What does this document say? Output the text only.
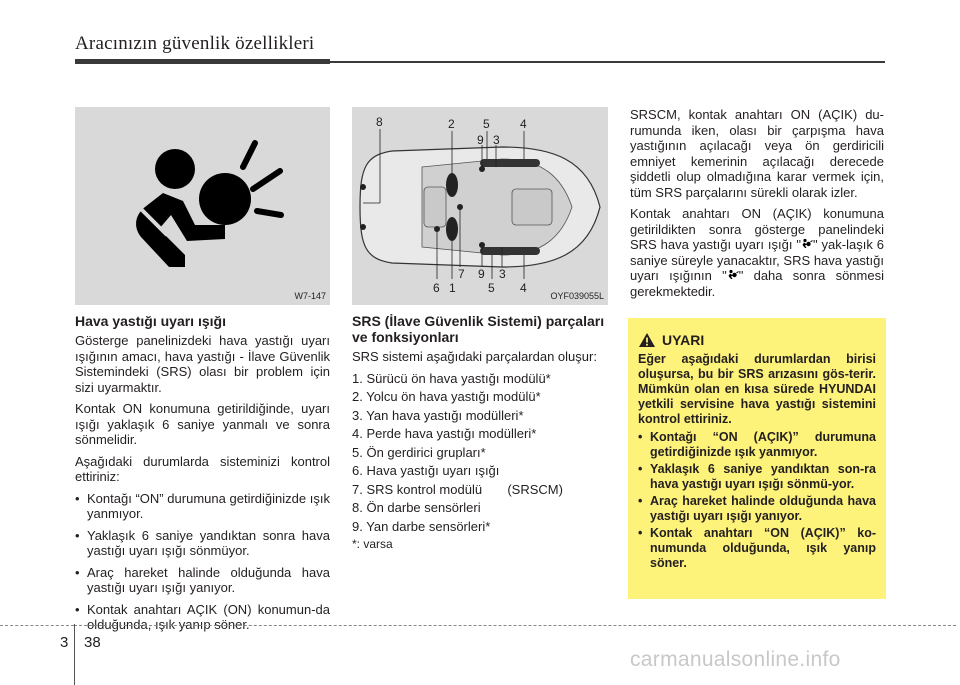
Aracınızın güvenlik özellikleri
W7-147
8	2 5	4
9 3
7 9 3
6 1	5 4
OYF039055L
Hava yastığı uyarı ışığı

Gösterge panelinizdeki hava yastığı uyarı ışığının amacı, hava yastığı - İlave Güvenlik Sistemindeki (SRS) olası bir problem için sizi uyarmaktır.

Kontak ON konumuna getirildiğinde, uyarı ışığı yaklaşık 6 saniye yanmalı ve sonra sönmelidir.

Aşağıdaki durumlarda sisteminizi kontrol ettiriniz:

• Kontağı “ON” durumuna getirdiğinizde ışık yanmıyor.
• Yaklaşık 6 saniye yandıktan sonra hava yastığı uyarı ışığı sönmüyor.
• Araç hareket halinde olduğunda hava yastığı uyarı ışığı yanıyor.
• Kontak anahtarı AÇIK (ON) konumun-da olduğunda, ışık yanıp söner.
SRS (İlave Güvenlik Sistemi) parçaları ve fonksiyonları

SRS sistemi aşağıdaki parçalardan oluşur:

1. Sürücü ön hava yastığı modülü*
2. Yolcu ön hava yastığı modülü*
3. Yan hava yastığı modülleri*
4. Perde hava yastığı modülleri*
5. Ön gerdirici grupları*
6. Hava yastığı uyarı ışığı
7. SRS kontrol modülü       (SRSCM)
8. Ön darbe sensörleri
9. Yan darbe sensörleri*
*: varsa

SRSCM, kontak anahtarı ON (AÇIK) du-rumunda iken, olası bir çarpışma hava yastığının açılacağı veya ön gerdiricili emniyet kemerinin açılacağı derecede şiddetli olup olmadığına karar vermek için, tüm SRS parçalarını sürekli olarak izler.

Kontak anahtarı ON (AÇIK) konumuna getirildikten sonra gösterge panelindeki SRS hava yastığı uyarı ışığı " " yak-laşık 6 saniye süreyle yanacaktır, SRS hava yastığı uyarı ışığının " " daha sonra sönmesi gerekmektedir.

UYARI

Eğer aşağıdaki durumlardan birisi oluşursa, bu bir SRS arızasını gös-terir. Mümkün olan en kısa sürede HYUNDAI yetkili servisine hava yastığı sistemini kontrol ettiriniz.

• Kontağı “ON (AÇIK)” durumuna getirdiğinizde ışık yanmıyor.
• Yaklaşık 6 saniye yandıktan son-ra hava yastığı uyarı ışığı sönmü-yor.
• Araç hareket halinde olduğunda hava yastığı uyarı ışığı yanıyor.
• Kontak anahtarı “ON (AÇIK)” ko-numunda olduğunda, ışık yanıp söner.
3 38
carmanualsonline.info
